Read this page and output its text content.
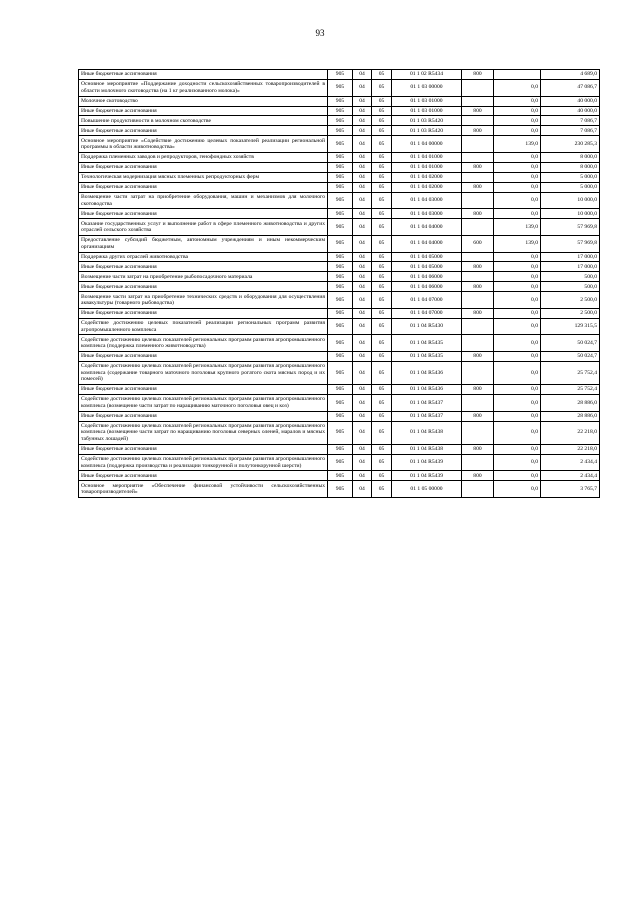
93
Иные бюджетные ассигнования	905	04	05	01 1 02 R5434	800		4 689,0
Основное мероприятие «Поддержание доходности сельскохозяйственных товаропроизводителей в области молочного скотоводства (на 1 кг реализованного молока)»	905	04	05	01 1 03 00000		0,0	47 086,7
Молочное скотоводство	905	04	05	01 1 03 01000		0,0	40 000,0
Иные бюджетные ассигнования	905	04	05	01 1 03 01000	800	0,0	40 000,0
Повышение продуктивности в молочном скотоводстве	905	04	05	01 1 03 R5420		0,0	7 086,7
Иные бюджетные ассигнования	905	04	05	01 1 03 R5420	800	0,0	7 086,7
Основное мероприятие «Содействие достижению целевых показателей реализации региональной программы в области животноводства»	905	04	05	01 1 04 00000		139,0	230 285,3
Поддержка племенных заводов и репродукторов, генофондных хозяйств	905	04	05	01 1 04 01000		0,0	8 000,0
Иные бюджетные ассигнования	905	04	05	01 1 04 01000	800	0,0	8 000,0
Технологическая модернизация мясных племенных репродукторных ферм	905	04	05	01 1 04 02000		0,0	5 000,0
Иные бюджетные ассигнования	905	04	05	01 1 04 02000	800	0,0	5 000,0
Возмещение части затрат на приобретение оборудования, машин и механизмов для молочного скотоводства	905	04	05	01 1 04 03000		0,0	10 000,0
Иные бюджетные ассигнования	905	04	05	01 1 04 03000	800	0,0	10 000,0
Оказание государственных услуг и выполнение работ в сфере племенного животноводства и других отраслей сельского хозяйства	905	04	05	01 1 04 04000		139,0	57 969,8
Предоставление субсидий бюджетным, автономным учреждениям и иным некоммерческим организациям	905	04	05	01 1 04 04000	600	139,0	57 969,8
Поддержка других отраслей животноводства	905	04	05	01 1 04 05000		0,0	17 000,0
Иные бюджетные ассигнования	905	04	05	01 1 04 05000	800	0,0	17 000,0
Возмещение части затрат на приобретение рыбопосадочного материала	905	04	05	01 1 04 06000		0,0	500,0
Иные бюджетные ассигнования	905	04	05	01 1 04 06000	800	0,0	500,0
Возмещение части затрат на приобретение технических средств и оборудования для осуществления аквакультуры (товарного рыбоводства)	905	04	05	01 1 04 07000		0,0	2 500,0
Иные бюджетные ассигнования	905	04	05	01 1 04 07000	800	0,0	2 500,0
Содействие достижению целевых показателей реализации региональных программ развития агропромышленного комплекса	905	04	05	01 1 04 R5430		0,0	129 315,5
Содействие достижению целевых показателей региональных программ развития агропромышленного комплекса (поддержка племенного животноводства)	905	04	05	01 1 04 R5435		0,0	50 024,7
Иные бюджетные ассигнования	905	04	05	01 1 04 R5435	800	0,0	50 024,7
Содействие достижению целевых показателей региональных программ развития агропромышленного комплекса (содержание товарного маточного поголовья крупного рогатого скота мясных пород и их помесей)	905	04	05	01 1 04 R5436		0,0	25 752,4
Иные бюджетные ассигнования	905	04	05	01 1 04 R5436	800	0,0	25 752,4
Содействие достижению целевых показателей региональных программ развития агропромышленного комплекса (возмещение части затрат по наращиванию маточного поголовья овец и коз)	905	04	05	01 1 04 R5437		0,0	28 886,0
Иные бюджетные ассигнования	905	04	05	01 1 04 R5437	800	0,0	28 886,0
Содействие достижению целевых показателей региональных программ развития агропромышленного комплекса (возмещение части затрат по наращиванию поголовья северных оленей, маралов и мясных табунных лошадей)	905	04	05	01 1 04 R5438		0,0	22 218,0
Иные бюджетные ассигнования	905	04	05	01 1 04 R5438	800	0,0	22 218,0
Содействие достижению целевых показателей региональных программ развития агропромышленного комплекса (поддержка производства и реализации тонкорунной и полутонкорунной шерсти)	905	04	05	01 1 04 R5439		0,0	2 434,4
Иные бюджетные ассигнования	905	04	05	01 1 04 R5439	800	0,0	2 434,4
Основное мероприятие «Обеспечение финансовой устойчивости сельскохозяйственных товаропроизводителей»	905	04	05	01 1 05 00000		0,0	3 765,7
